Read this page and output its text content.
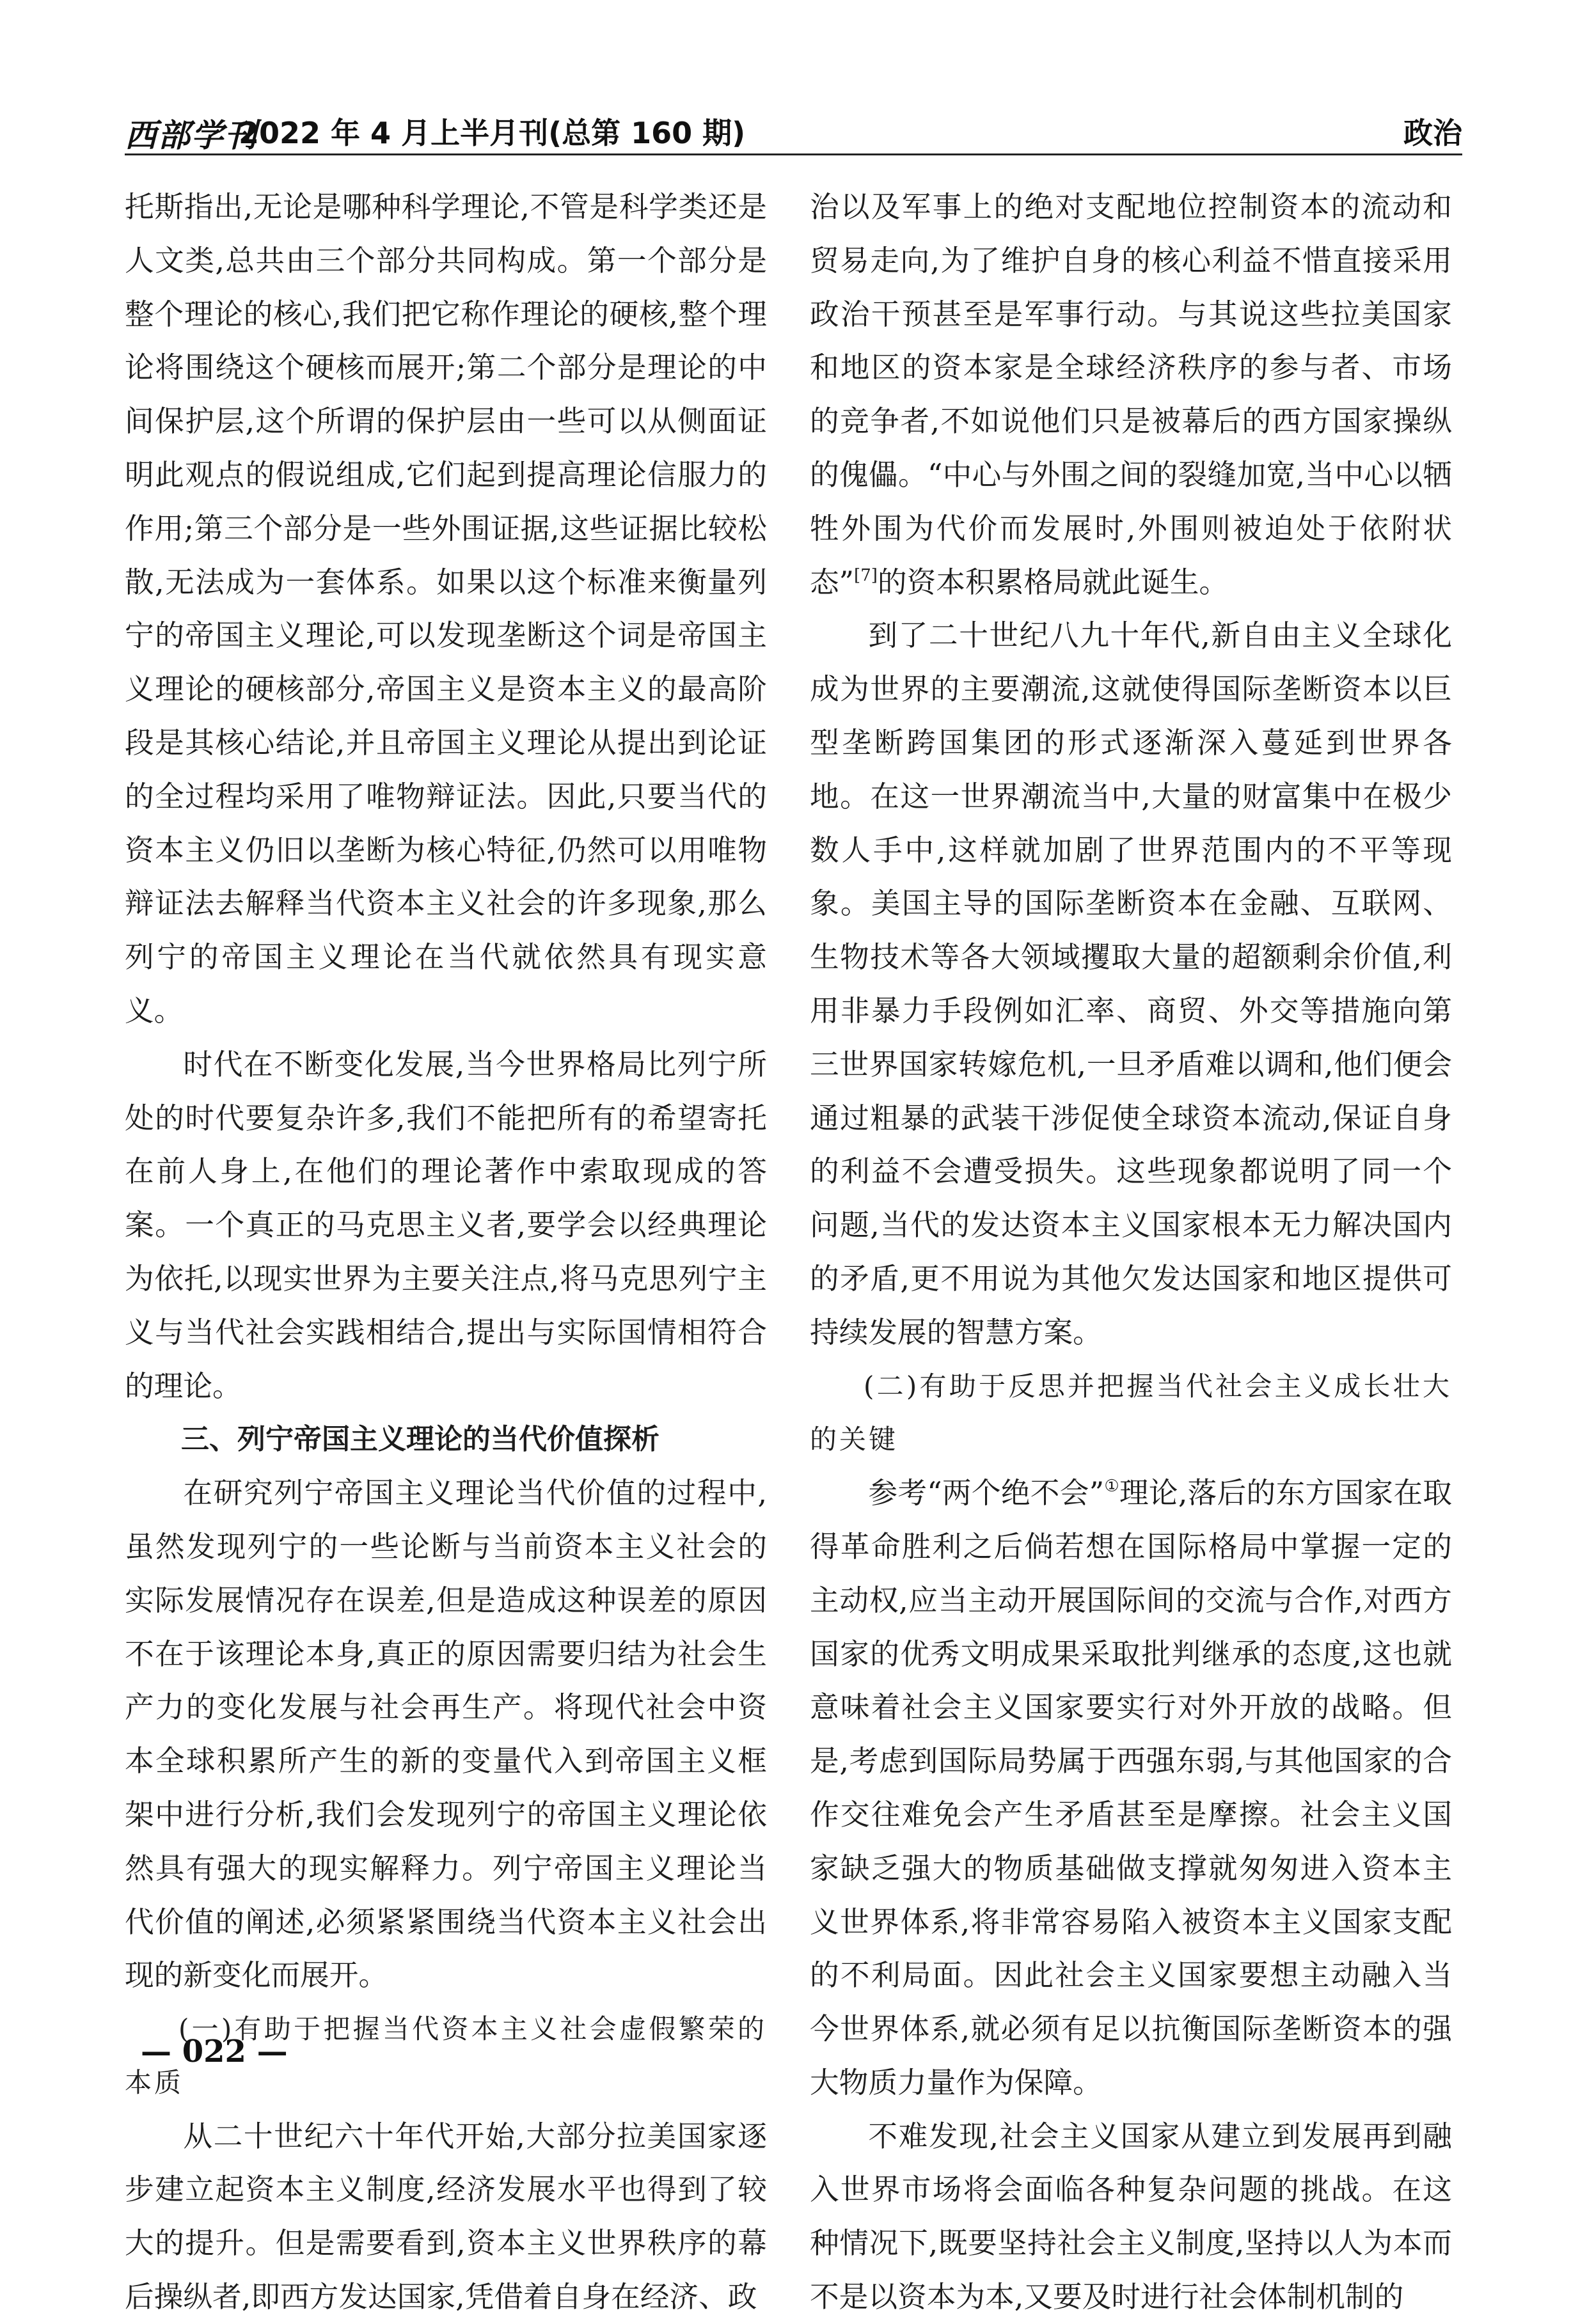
西部学刊
2022 年 4 月上半月刊(总第 160 期)	政治

托斯指出,无论是哪种科学理论,不管是科学类还是人文类,总共由三个部分共同构成。第一个部分是整个理论的核心,我们把它称作理论的硬核,整个理论将围绕这个硬核而展开;第二个部分是理论的中间保护层,这个所谓的保护层由一些可以从侧面证明此观点的假说组成,它们起到提高理论信服力的作用;第三个部分是一些外围证据,这些证据比较松散,无法成为一套体系。如果以这个标准来衡量列宁的帝国主义理论,可以发现垄断这个词是帝国主义理论的硬核部分,帝国主义是资本主义的最高阶段是其核心结论,并且帝国主义理论从提出到论证的全过程均采用了唯物辩证法。因此,只要当代的资本主义仍旧以垄断为核心特征,仍然可以用唯物辩证法去解释当代资本主义社会的许多现象,那么列宁的帝国主义理论在当代就依然具有现实意义。

时代在不断变化发展,当今世界格局比列宁所处的时代要复杂许多,我们不能把所有的希望寄托在前人身上,在他们的理论著作中索取现成的答案。一个真正的马克思主义者,要学会以经典理论为依托,以现实世界为主要关注点,将马克思列宁主义与当代社会实践相结合,提出与实际国情相符合的理论。

三、列宁帝国主义理论的当代价值探析

在研究列宁帝国主义理论当代价值的过程中,虽然发现列宁的一些论断与当前资本主义社会的实际发展情况存在误差,但是造成这种误差的原因不在于该理论本身,真正的原因需要归结为社会生产力的变化发展与社会再生产。将现代社会中资本全球积累所产生的新的变量代入到帝国主义框架中进行分析,我们会发现列宁的帝国主义理论依然具有强大的现实解释力。列宁帝国主义理论当代价值的阐述,必须紧紧围绕当代资本主义社会出现的新变化而展开。

(一)有助于把握当代资本主义社会虚假繁荣的本质

从二十世纪六十年代开始,大部分拉美国家逐步建立起资本主义制度,经济发展水平也得到了较大的提升。但是需要看到,资本主义世界秩序的幕后操纵者,即西方发达国家,凭借着自身在经济、政

治以及军事上的绝对支配地位控制资本的流动和贸易走向,为了维护自身的核心利益不惜直接采用政治干预甚至是军事行动。与其说这些拉美国家和地区的资本家是全球经济秩序的参与者、市场的竞争者,不如说他们只是被幕后的西方国家操纵的傀儡。“中心与外围之间的裂缝加宽,当中心以牺牲外围为代价而发展时,外围则被迫处于依附状态”[7]的资本积累格局就此诞生。

到了二十世纪八九十年代,新自由主义全球化成为世界的主要潮流,这就使得国际垄断资本以巨型垄断跨国集团的形式逐渐深入蔓延到世界各地。在这一世界潮流当中,大量的财富集中在极少数人手中,这样就加剧了世界范围内的不平等现象。美国主导的国际垄断资本在金融、互联网、生物技术等各大领域攫取大量的超额剩余价值,利用非暴力手段例如汇率、商贸、外交等措施向第三世界国家转嫁危机,一旦矛盾难以调和,他们便会通过粗暴的武装干涉促使全球资本流动,保证自身的利益不会遭受损失。这些现象都说明了同一个问题,当代的发达资本主义国家根本无力解决国内的矛盾,更不用说为其他欠发达国家和地区提供可持续发展的智慧方案。

(二)有助于反思并把握当代社会主义成长壮大的关键

参考“两个绝不会”①理论,落后的东方国家在取得革命胜利之后倘若想在国际格局中掌握一定的主动权,应当主动开展国际间的交流与合作,对西方国家的优秀文明成果采取批判继承的态度,这也就意味着社会主义国家要实行对外开放的战略。但是,考虑到国际局势属于西强东弱,与其他国家的合作交往难免会产生矛盾甚至是摩擦。社会主义国家缺乏强大的物质基础做支撑就匆匆进入资本主义世界体系,将非常容易陷入被资本主义国家支配的不利局面。因此社会主义国家要想主动融入当今世界体系,就必须有足以抗衡国际垄断资本的强大物质力量作为保障。

不难发现,社会主义国家从建立到发展再到融入世界市场将会面临各种复杂问题的挑战。在这种情况下,既要坚持社会主义制度,坚持以人为本而不是以资本为本,又要及时进行社会体制机制的

— 022 —
